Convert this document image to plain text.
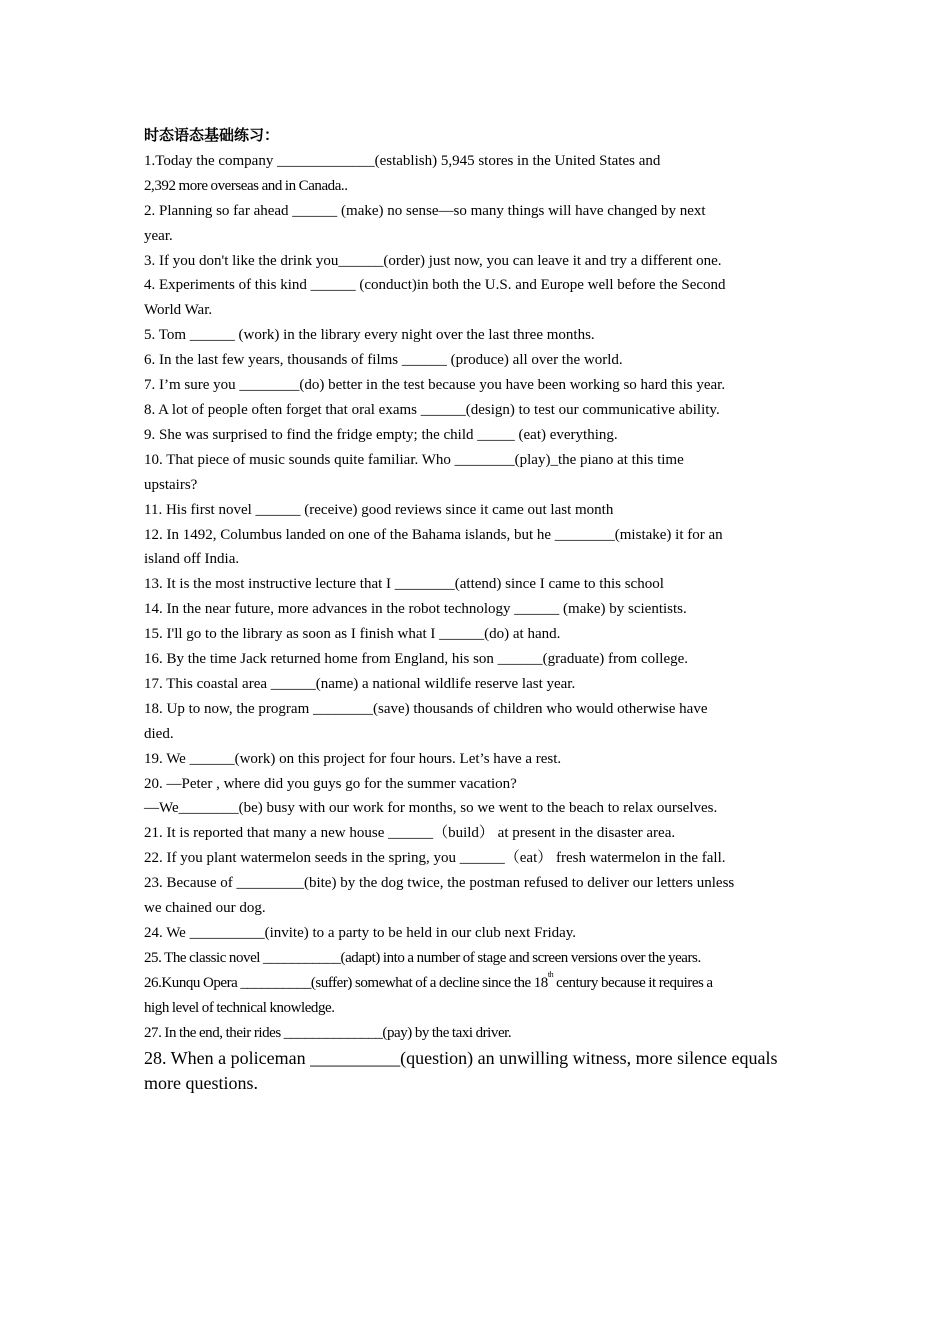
时态语态基础练习：
1.Today the company _____________(establish) 5,945 stores in the United States and
2,392 more overseas and in Canada..
2. Planning so far ahead ______ (make) no sense—so many things will have changed by next
year.
3. If you don't like the drink you______(order) just now, you can leave it and try a different one.
4. Experiments of this kind ______ (conduct)in both the U.S. and Europe well before the Second
World War.
5. Tom ______ (work) in the library every night over the last three months.
6. In the last few years, thousands of films ______ (produce) all over the world.
7. I’m sure you ________(do) better in the test because you have been working so hard this year.
8. A lot of people often forget that oral exams ______(design) to test our communicative ability.
9. She was surprised to find the fridge empty; the child _____ (eat) everything.
10. That piece of music sounds quite familiar. Who ________(play)_the piano at this time
upstairs?
11. His first novel ______ (receive) good reviews since it came out last month
12. In 1492, Columbus landed on one of the Bahama islands, but he ________(mistake) it for an
island off India.
13. It is the most instructive lecture that I ________(attend) since I came to this school
14. In the near future, more advances in the robot technology ______ (make) by scientists.
15. I'll go to the library as soon as I finish what I ______(do) at hand.
16. By the time Jack returned home from England, his son ______(graduate) from college.
17. This coastal area ______(name) a national wildlife reserve last year.
18. Up to now, the program ________(save) thousands of children who would otherwise have
died.
19. We ______(work) on this project for four hours. Let’s have a rest.
20. —Peter , where did you guys go for the summer vacation?
—We________(be) busy with our work for months, so we went to the beach to relax ourselves.
21. It is reported that many a new house ______（build） at present in the disaster area.
22. If you plant watermelon seeds in the spring, you ______（eat） fresh watermelon in the fall.
23. Because of _________(bite) by the dog twice, the postman refused to deliver our letters unless
we chained our dog.
24. We __________(invite) to a party to be held in our club next Friday.
25. The classic novel ___________(adapt) into a number of stage and screen versions over the years.
26.Kunqu Opera __________(suffer) somewhat of a decline since the 18th century because it requires a
high level of technical knowledge.
27. In the end, their rides ______________(pay) by the taxi driver.
28. When a policeman __________(question) an unwilling witness, more silence equals more questions.
